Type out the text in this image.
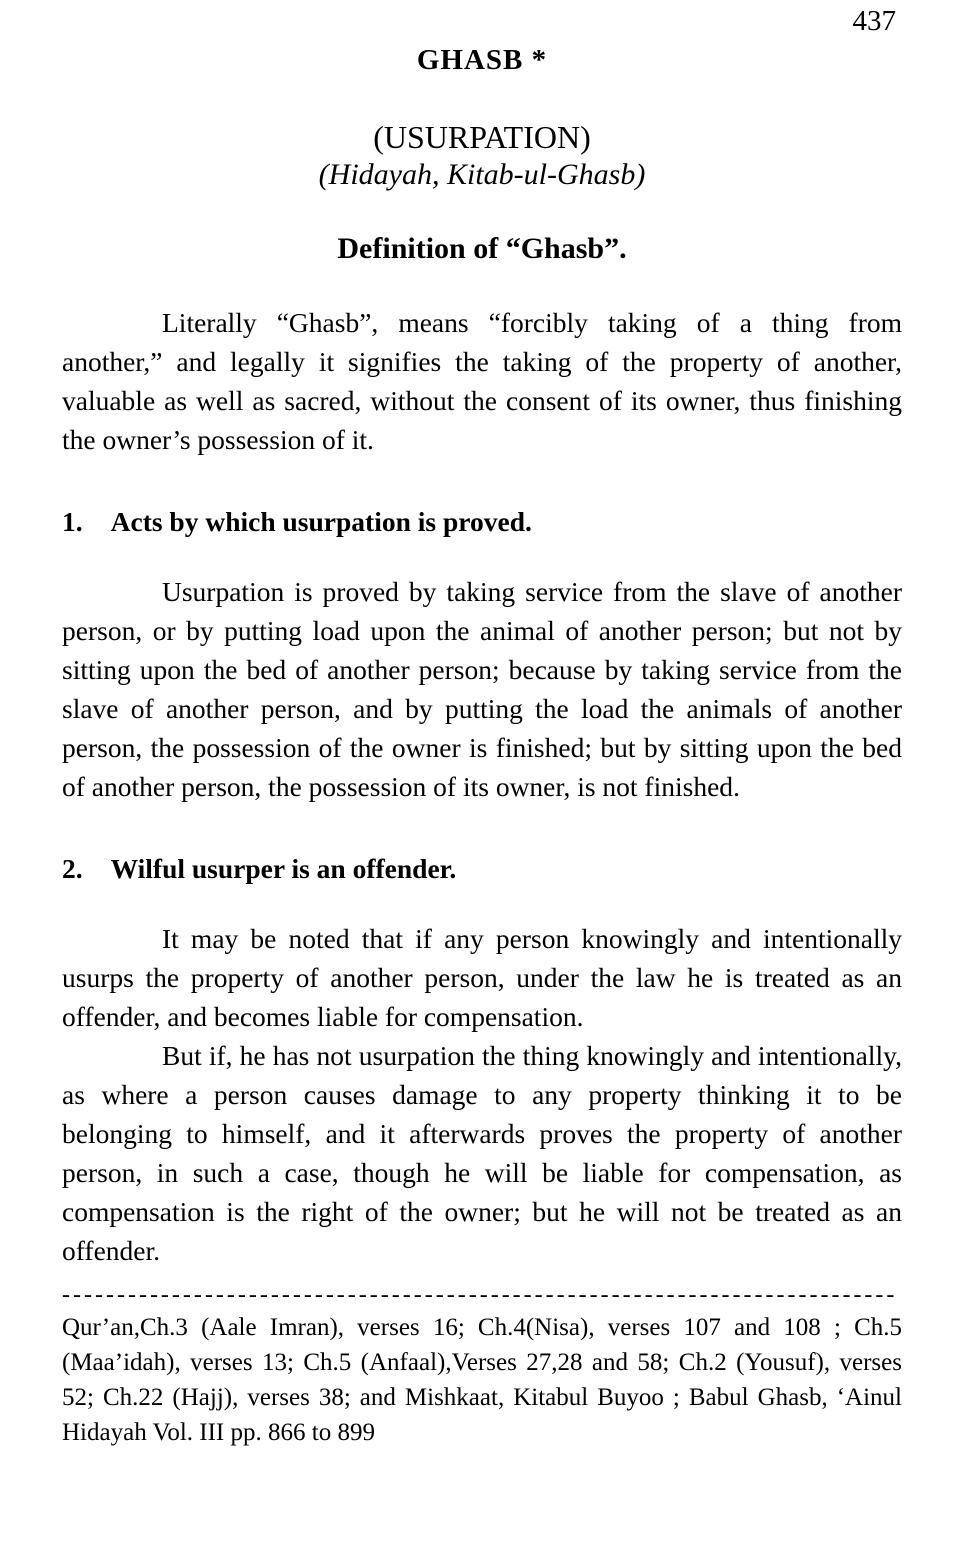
437
GHASB *
(USURPATION)
(Hidayah, Kitab-ul-Ghasb)
Definition of “Ghasb”.

Literally “Ghasb”, means “forcibly taking of a thing from another,” and legally it signifies the taking of the property of another, valuable as well as sacred, without the consent of its owner, thus finishing the owner’s possession of it.

1. Acts by which usurpation is proved.

Usurpation is proved by taking service from the slave of another person, or by putting load upon the animal of another person; but not by sitting upon the bed of another person; because by taking service from the slave of another person, and by putting the load the animals of another person, the possession of the owner is finished; but by sitting upon the bed of another person, the possession of its owner, is not finished.

2. Wilful usurper is an offender.

It may be noted that if any person knowingly and intentionally usurps the property of another person, under the law he is treated as an offender, and becomes liable for compensation.

But if, he has not usurpation the thing knowingly and intentionally, as where a person causes damage to any property thinking it to be belonging to himself, and it afterwards proves the property of another person, in such a case, though he will be liable for compensation, as compensation is the right of the owner; but he will not be treated as an offender.

----------------------------------------------------------------------------

Qur’an,Ch.3 (Aale Imran), verses 16; Ch.4(Nisa), verses 107 and 108 ; Ch.5 (Maa’idah), verses 13; Ch.5 (Anfaal),Verses 27,28 and 58; Ch.2 (Yousuf), verses 52; Ch.22 (Hajj), verses 38; and Mishkaat, Kitabul Buyoo ; Babul Ghasb, ‘Ainul Hidayah Vol. III pp. 866 to 899
